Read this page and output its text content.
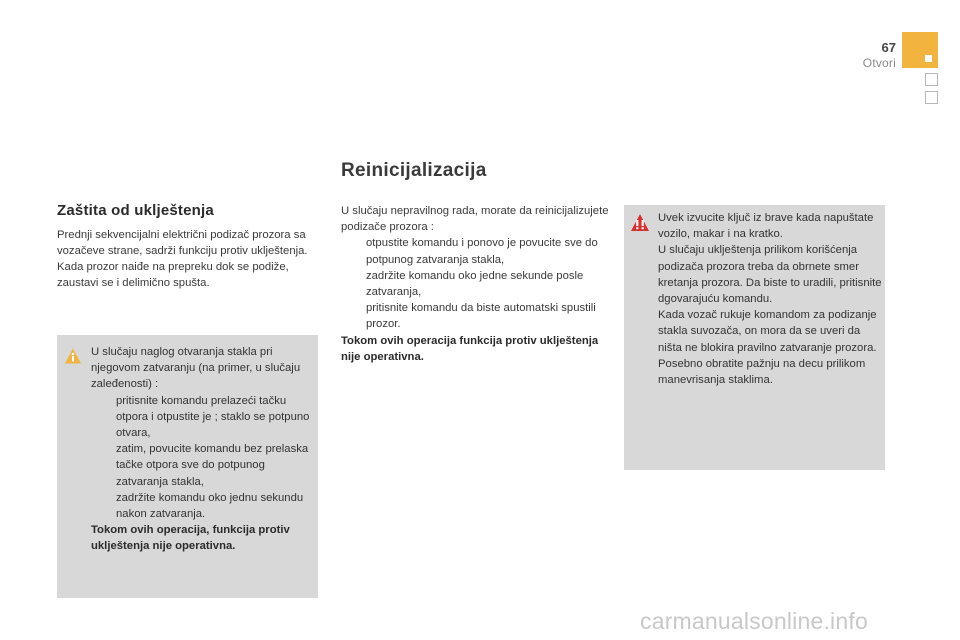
67
Otvori
Zaštita od uklještenja

Prednji sekvencijalni električni podizač prozora sa vozačeve strane, sadrži funkciju protiv uklještenja.

Kada prozor naiđe na prepreku dok se podiže, zaustavi se i delimično spušta.

U slučaju naglog otvaranja stakla pri njegovom zatvaranju (na primer, u slučaju zaleđenosti) :

pritisnite komandu prelazeći tačku otpora i otpustite je ; staklo se potpuno otvara,
zatim, povucite komandu bez prelaska tačke otpora sve do potpunog zatvaranja stakla,
zadržite komandu oko jednu sekundu nakon zatvaranja.

Tokom ovih operacija, funkcija protiv uklještenja nije operativna.

Reinicijalizacija

U slučaju nepravilnog rada, morate da reinicijalizujete podizače prozora :

otpustite komandu i ponovo je povucite sve do potpunog zatvaranja stakla,
zadržite komandu oko jedne sekunde posle zatvaranja,
pritisnite komandu da biste automatski spustili prozor.

Tokom ovih operacija funkcija protiv uklještenja nije operativna.

Uvek izvucite ključ iz brave kada napuštate vozilo, makar i na kratko.

U slučaju uklještenja prilikom korišćenja podizača prozora treba da obrnete smer kretanja prozora. Da biste to uradili, pritisnite dgovarajuću komandu.

Kada vozač rukuje komandom za podizanje stakla suvozača, on mora da se uveri da ništa ne blokira pravilno zatvaranje prozora.

Posebno obratite pažnju na decu prilikom manevrisanja staklima.

carmanualsonline.info
